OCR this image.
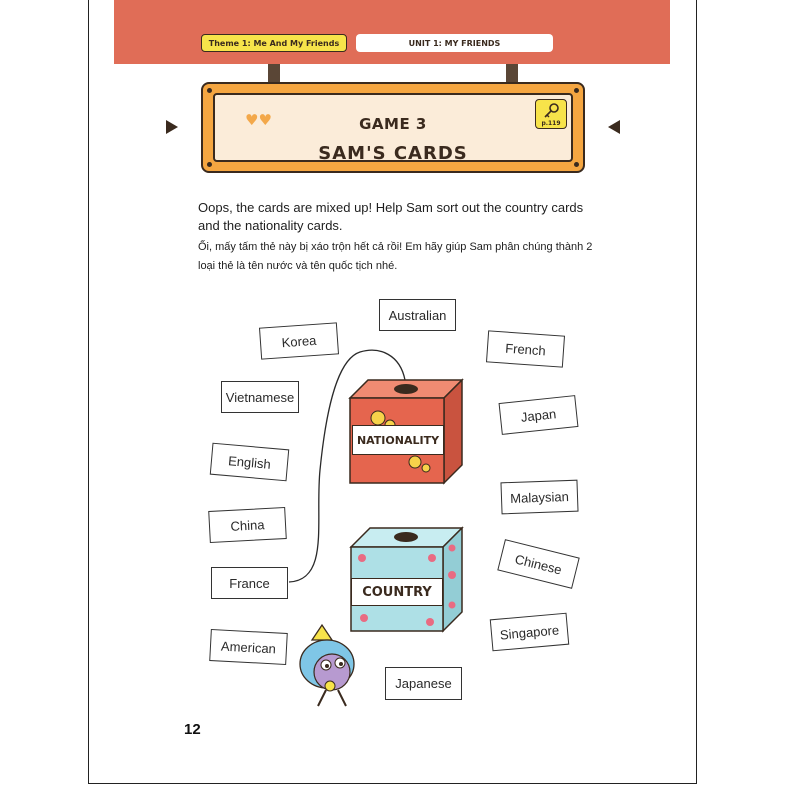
Theme 1: Me And My Friends	UNIT 1: MY FRIENDS
♥♥	GAME 3
SAM'S CARDS
p.119
Oops, the cards are mixed up! Help Sam sort out the country cards and the nationality cards.
Ối, mấy tấm thẻ này bị xáo trộn hết cả rồi! Em hãy giúp Sam phân chúng thành 2 loại thẻ là tên nước và tên quốc tịch nhé.
NATIONALITY
COUNTRY
Australian
Korea	French
Vietnamese
Japan
English
Malaysian
China
Chinese
France
Singapore
American
Japanese
12
